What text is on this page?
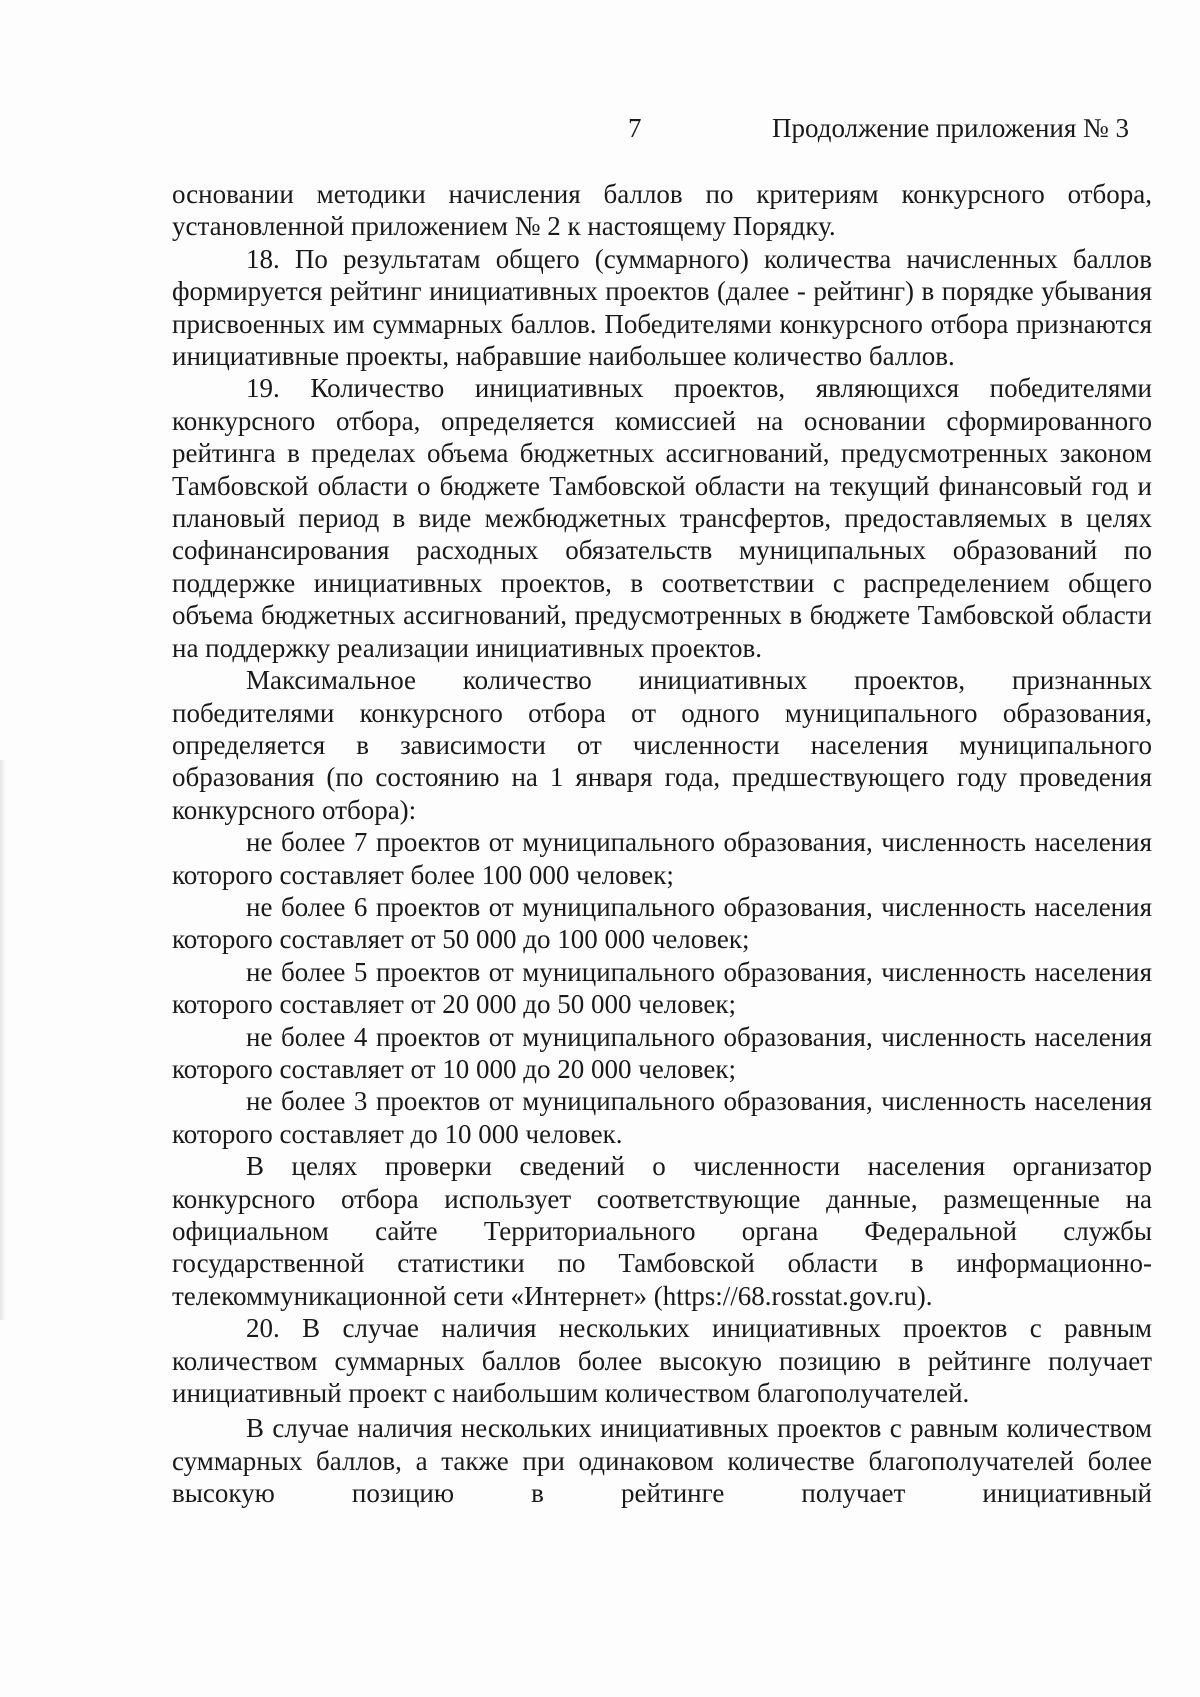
7	Продолжение приложения № 3

основании методики начисления баллов по критериям конкурсного отбора, установленной приложением № 2 к настоящему Порядку.

18. По результатам общего (суммарного) количества начисленных баллов формируется рейтинг инициативных проектов (далее - рейтинг) в порядке убывания присвоенных им суммарных баллов. Победителями конкурсного отбора признаются инициативные проекты, набравшие наибольшее количество баллов.

19. Количество инициативных проектов, являющихся победителями конкурсного отбора, определяется комиссией на основании сформированного рейтинга в пределах объема бюджетных ассигнований, предусмотренных законом Тамбовской области о бюджете Тамбовской области на текущий финансовый год и плановый период в виде межбюджетных трансфертов, предоставляемых в целях софинансирования расходных обязательств муниципальных образований по поддержке инициативных проектов, в соответствии с распределением общего объема бюджетных ассигнований, предусмотренных в бюджете Тамбовской области на поддержку реализации инициативных проектов.

Максимальное количество инициативных проектов, признанных победителями конкурсного отбора от одного муниципального образования, определяется в зависимости от численности населения муниципального образования (по состоянию на 1 января года, предшествующего году проведения конкурсного отбора):

не более 7 проектов от муниципального образования, численность населения которого составляет более 100 000 человек;

не более 6 проектов от муниципального образования, численность населения которого составляет от 50 000 до 100 000 человек;

не более 5 проектов от муниципального образования, численность населения которого составляет от 20 000 до 50 000 человек;

не более 4 проектов от муниципального образования, численность населения которого составляет от 10 000 до 20 000 человек;

не более 3 проектов от муниципального образования, численность населения которого составляет до 10 000 человек.

В целях проверки сведений о численности населения организатор конкурсного отбора использует соответствующие данные, размещенные на официальном сайте Территориального органа Федеральной службы государственной статистики по Тамбовской области в информационно-телекоммуникационной сети «Интернет» (https://68.rosstat.gov.ru).

20. В случае наличия нескольких инициативных проектов с равным количеством суммарных баллов более высокую позицию в рейтинге получает инициативный проект с наибольшим количеством благополучателей.

В случае наличия нескольких инициативных проектов с равным количеством суммарных баллов, а также при одинаковом количестве благополучателей более высокую позицию в рейтинге получает инициативный
